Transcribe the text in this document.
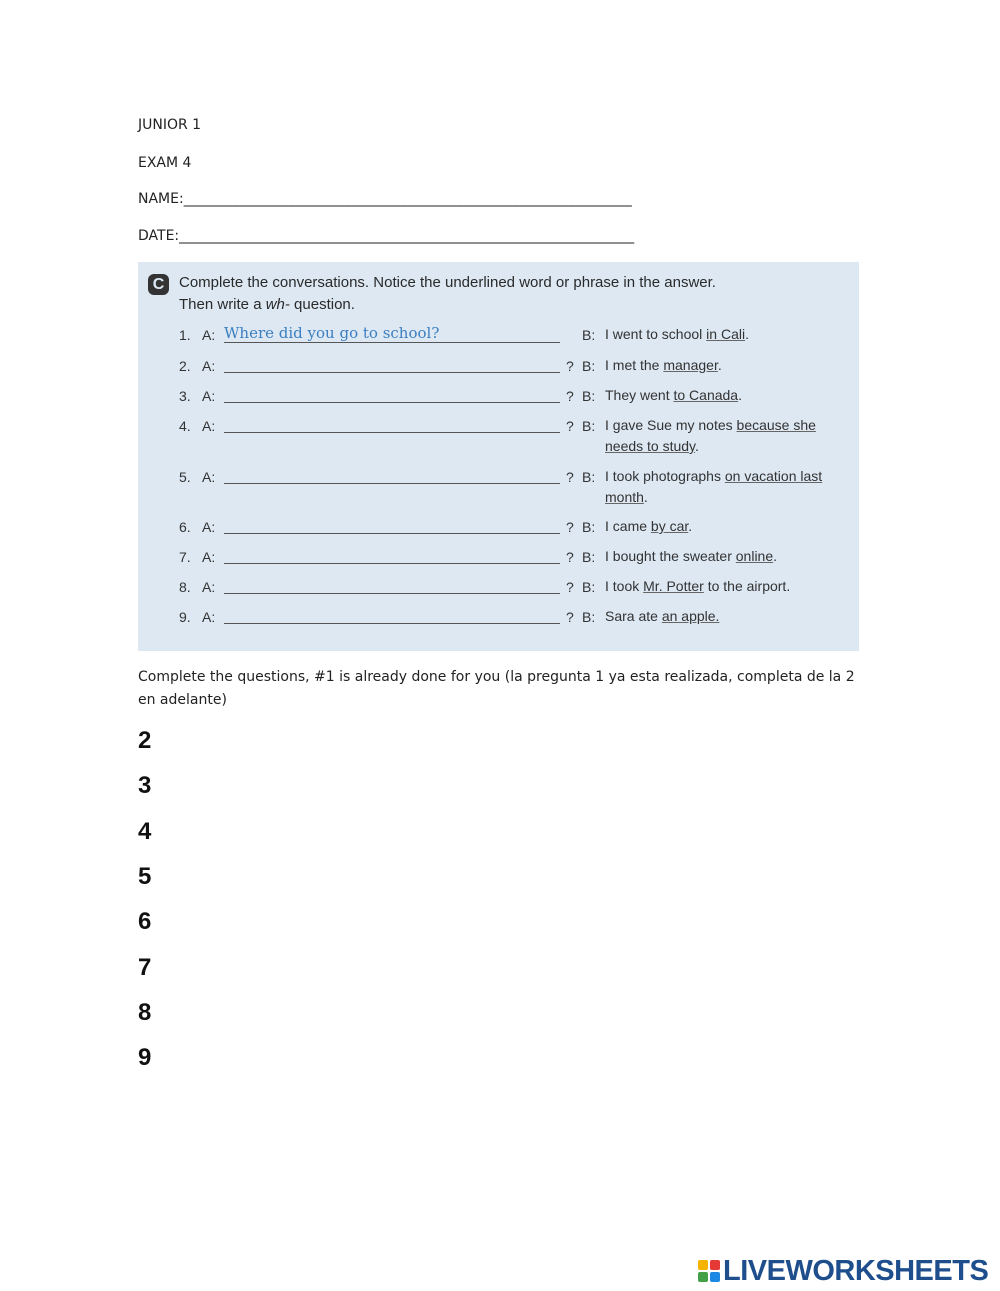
JUNIOR 1
EXAM 4
NAME:________________________________________________________________
DATE:_________________________________________________________________
C Complete the conversations. Notice the underlined word or phrase in the answer.
Then write a wh- question.
1. A: Where did you go to school?	B: I went to school in Cali.
2. A:	? B: I met the manager.
3. A:	? B: They went to Canada.
4. A:	? B: I gave Sue my notes because she needs to study.
5. A:	? B: I took photographs on vacation last month.
6. A:	? B: I came by car.
7. A:	? B: I bought the sweater online.
8. A:	? B: I took Mr. Potter to the airport.
9. A:	? B: Sara ate an apple.
Complete the questions, #1 is already done for you (la pregunta 1 ya esta realizada, completa de la 2 en adelante)
2
3
4
5
6
7
8
9
LIVEWORKSHEETS
